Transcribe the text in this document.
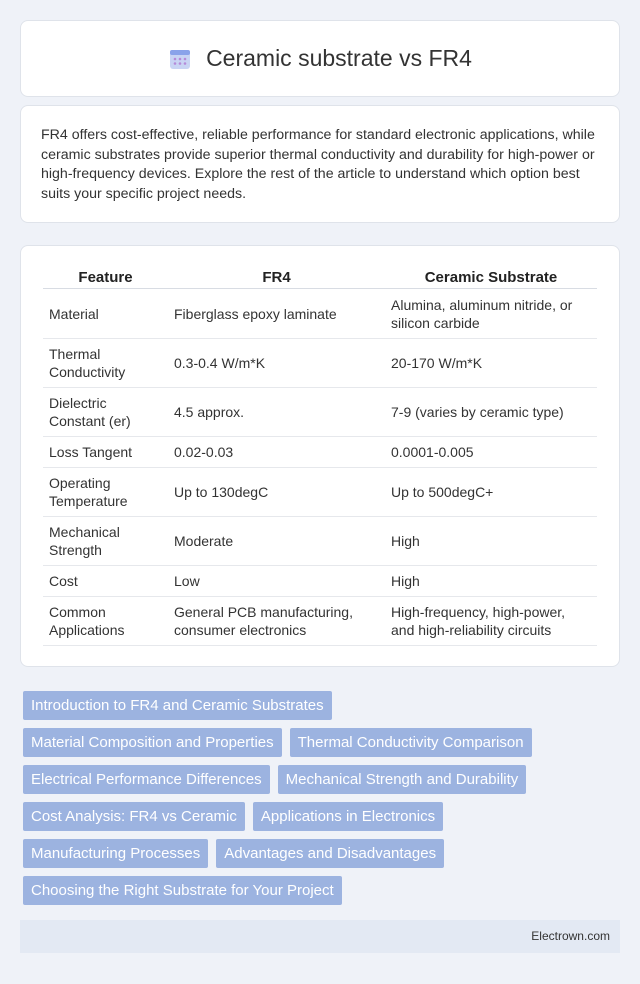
Ceramic substrate vs FR4

FR4 offers cost-effective, reliable performance for standard electronic applications, while ceramic substrates provide superior thermal conductivity and durability for high-power or high-frequency devices. Explore the rest of the article to understand which option best suits your specific project needs.

Feature	FR4	Ceramic Substrate
Material	Fiberglass epoxy laminate	Alumina, aluminum nitride, or silicon carbide
Thermal Conductivity	0.3-0.4 W/m*K	20-170 W/m*K
Dielectric Constant (er)	4.5 approx.	7-9 (varies by ceramic type)
Loss Tangent	0.02-0.03	0.0001-0.005
Operating Temperature	Up to 130degC	Up to 500degC+
Mechanical Strength	Moderate	High
Cost	Low	High
Common Applications	General PCB manufacturing, consumer electronics	High-frequency, high-power, and high-reliability circuits
Introduction to FR4 and Ceramic Substrates
Material Composition and Properties	Thermal Conductivity Comparison
Electrical Performance Differences	Mechanical Strength and Durability
Cost Analysis: FR4 vs Ceramic	Applications in Electronics
Manufacturing Processes	Advantages and Disadvantages
Choosing the Right Substrate for Your Project
Electrown.com
